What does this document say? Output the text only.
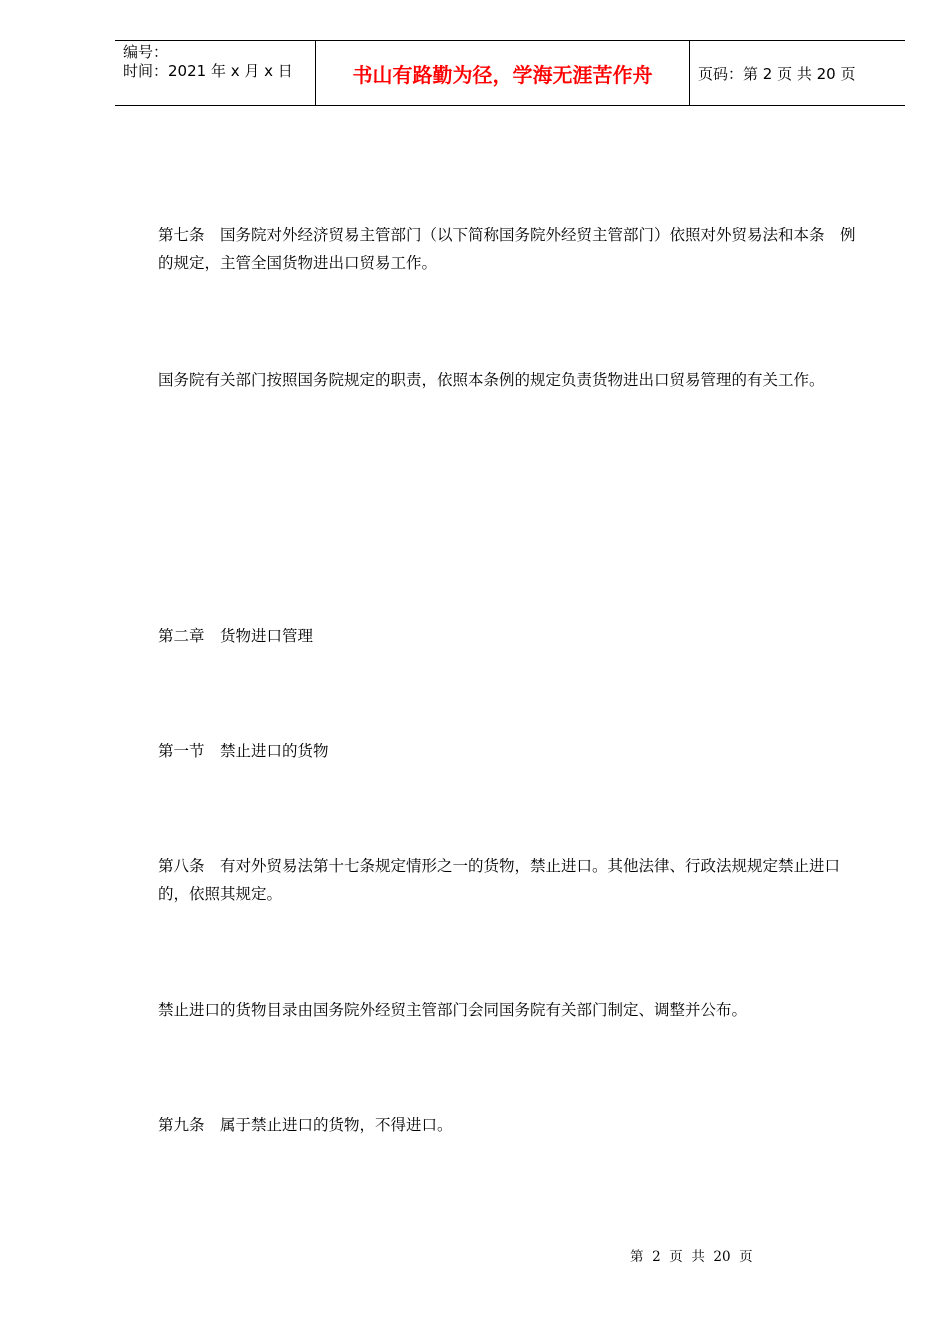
编号：
时间：2021 年 x 月 x 日	书山有路勤为径，学海无涯苦作舟	页码：第 2 页 共 20 页

第七条　国务院对外经济贸易主管部门（以下简称国务院外经贸主管部门）依照对外贸易法和本条　例的规定，主管全国货物进出口贸易工作。

国务院有关部门按照国务院规定的职责，依照本条例的规定负责货物进出口贸易管理的有关工作。

第二章　货物进口管理

第一节　禁止进口的货物

第八条　有对外贸易法第十七条规定情形之一的货物，禁止进口。其他法律、行政法规规定禁止进口的，依照其规定。

禁止进口的货物目录由国务院外经贸主管部门会同国务院有关部门制定、调整并公布。

第九条　属于禁止进口的货物，不得进口。

第  2  页  共  20  页
